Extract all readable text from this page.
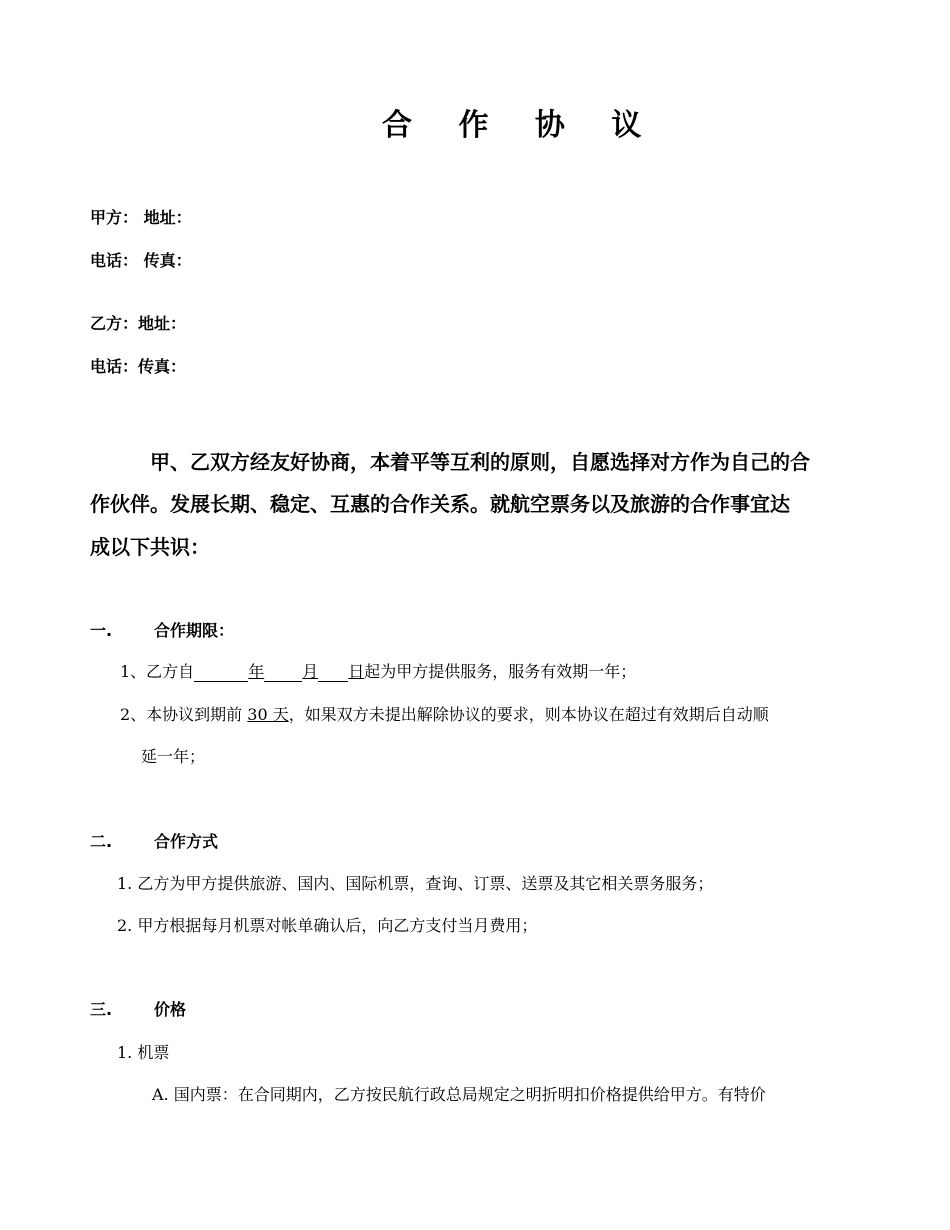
合 作 协 议
甲方： 地址：
电话： 传真：
乙方：地址：
电话：传真：
甲、乙双方经友好协商，本着平等互利的原则，自愿选择对方作为自己的合
作伙伴。发展长期、稳定、互惠的合作关系。就航空票务以及旅游的合作事宜达
成以下共识：
一.	合作期限：
1、乙方自	年 月 日起为甲方提供服务，服务有效期一年；
2、本协议到期前 30 天，如果双方未提出解除协议的要求，则本协议在超过有效期后自动顺
延一年；
二.	合作方式
1. 乙方为甲方提供旅游、国内、国际机票，查询、订票、送票及其它相关票务服务；
2. 甲方根据每月机票对帐单确认后，向乙方支付当月费用；
三.	价格
1. 机票
A. 国内票：在合同期内，乙方按民航行政总局规定之明折明扣价格提供给甲方。有特价
